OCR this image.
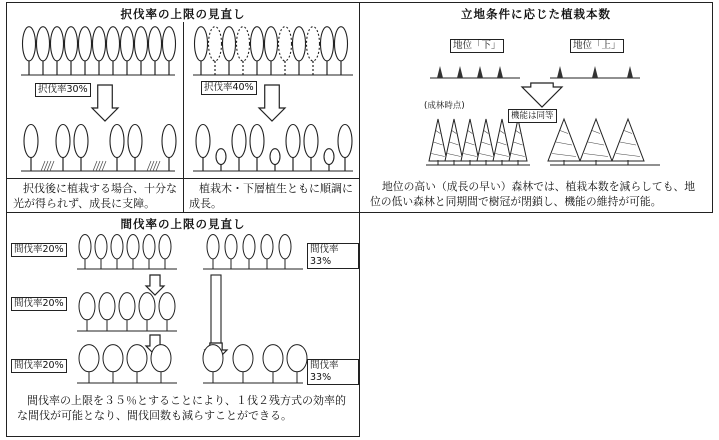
択伐率の上限の見直し
択伐率30%	択伐率40%
択伐後に植栽する場合、十分な光が得られず、成長に支障。
植栽木・下層植生ともに順調に成長。
立地条件に応じた植栽本数
地位「下」	地位「上」
(成林時点)
機能は同等
地位の高い（成長の早い）森林では、植栽本数を減らしても、地位の低い森林と同期間で樹冠が閉鎖し、機能の維持が可能。
間伐率の上限の見直し
間伐率20%
間伐率20%
間伐率20%
間伐率33%
間伐率33%
間伐率の上限を３５％とすることにより、１伐２残方式の効率的な間伐が可能となり、間伐回数も減らすことができる。
